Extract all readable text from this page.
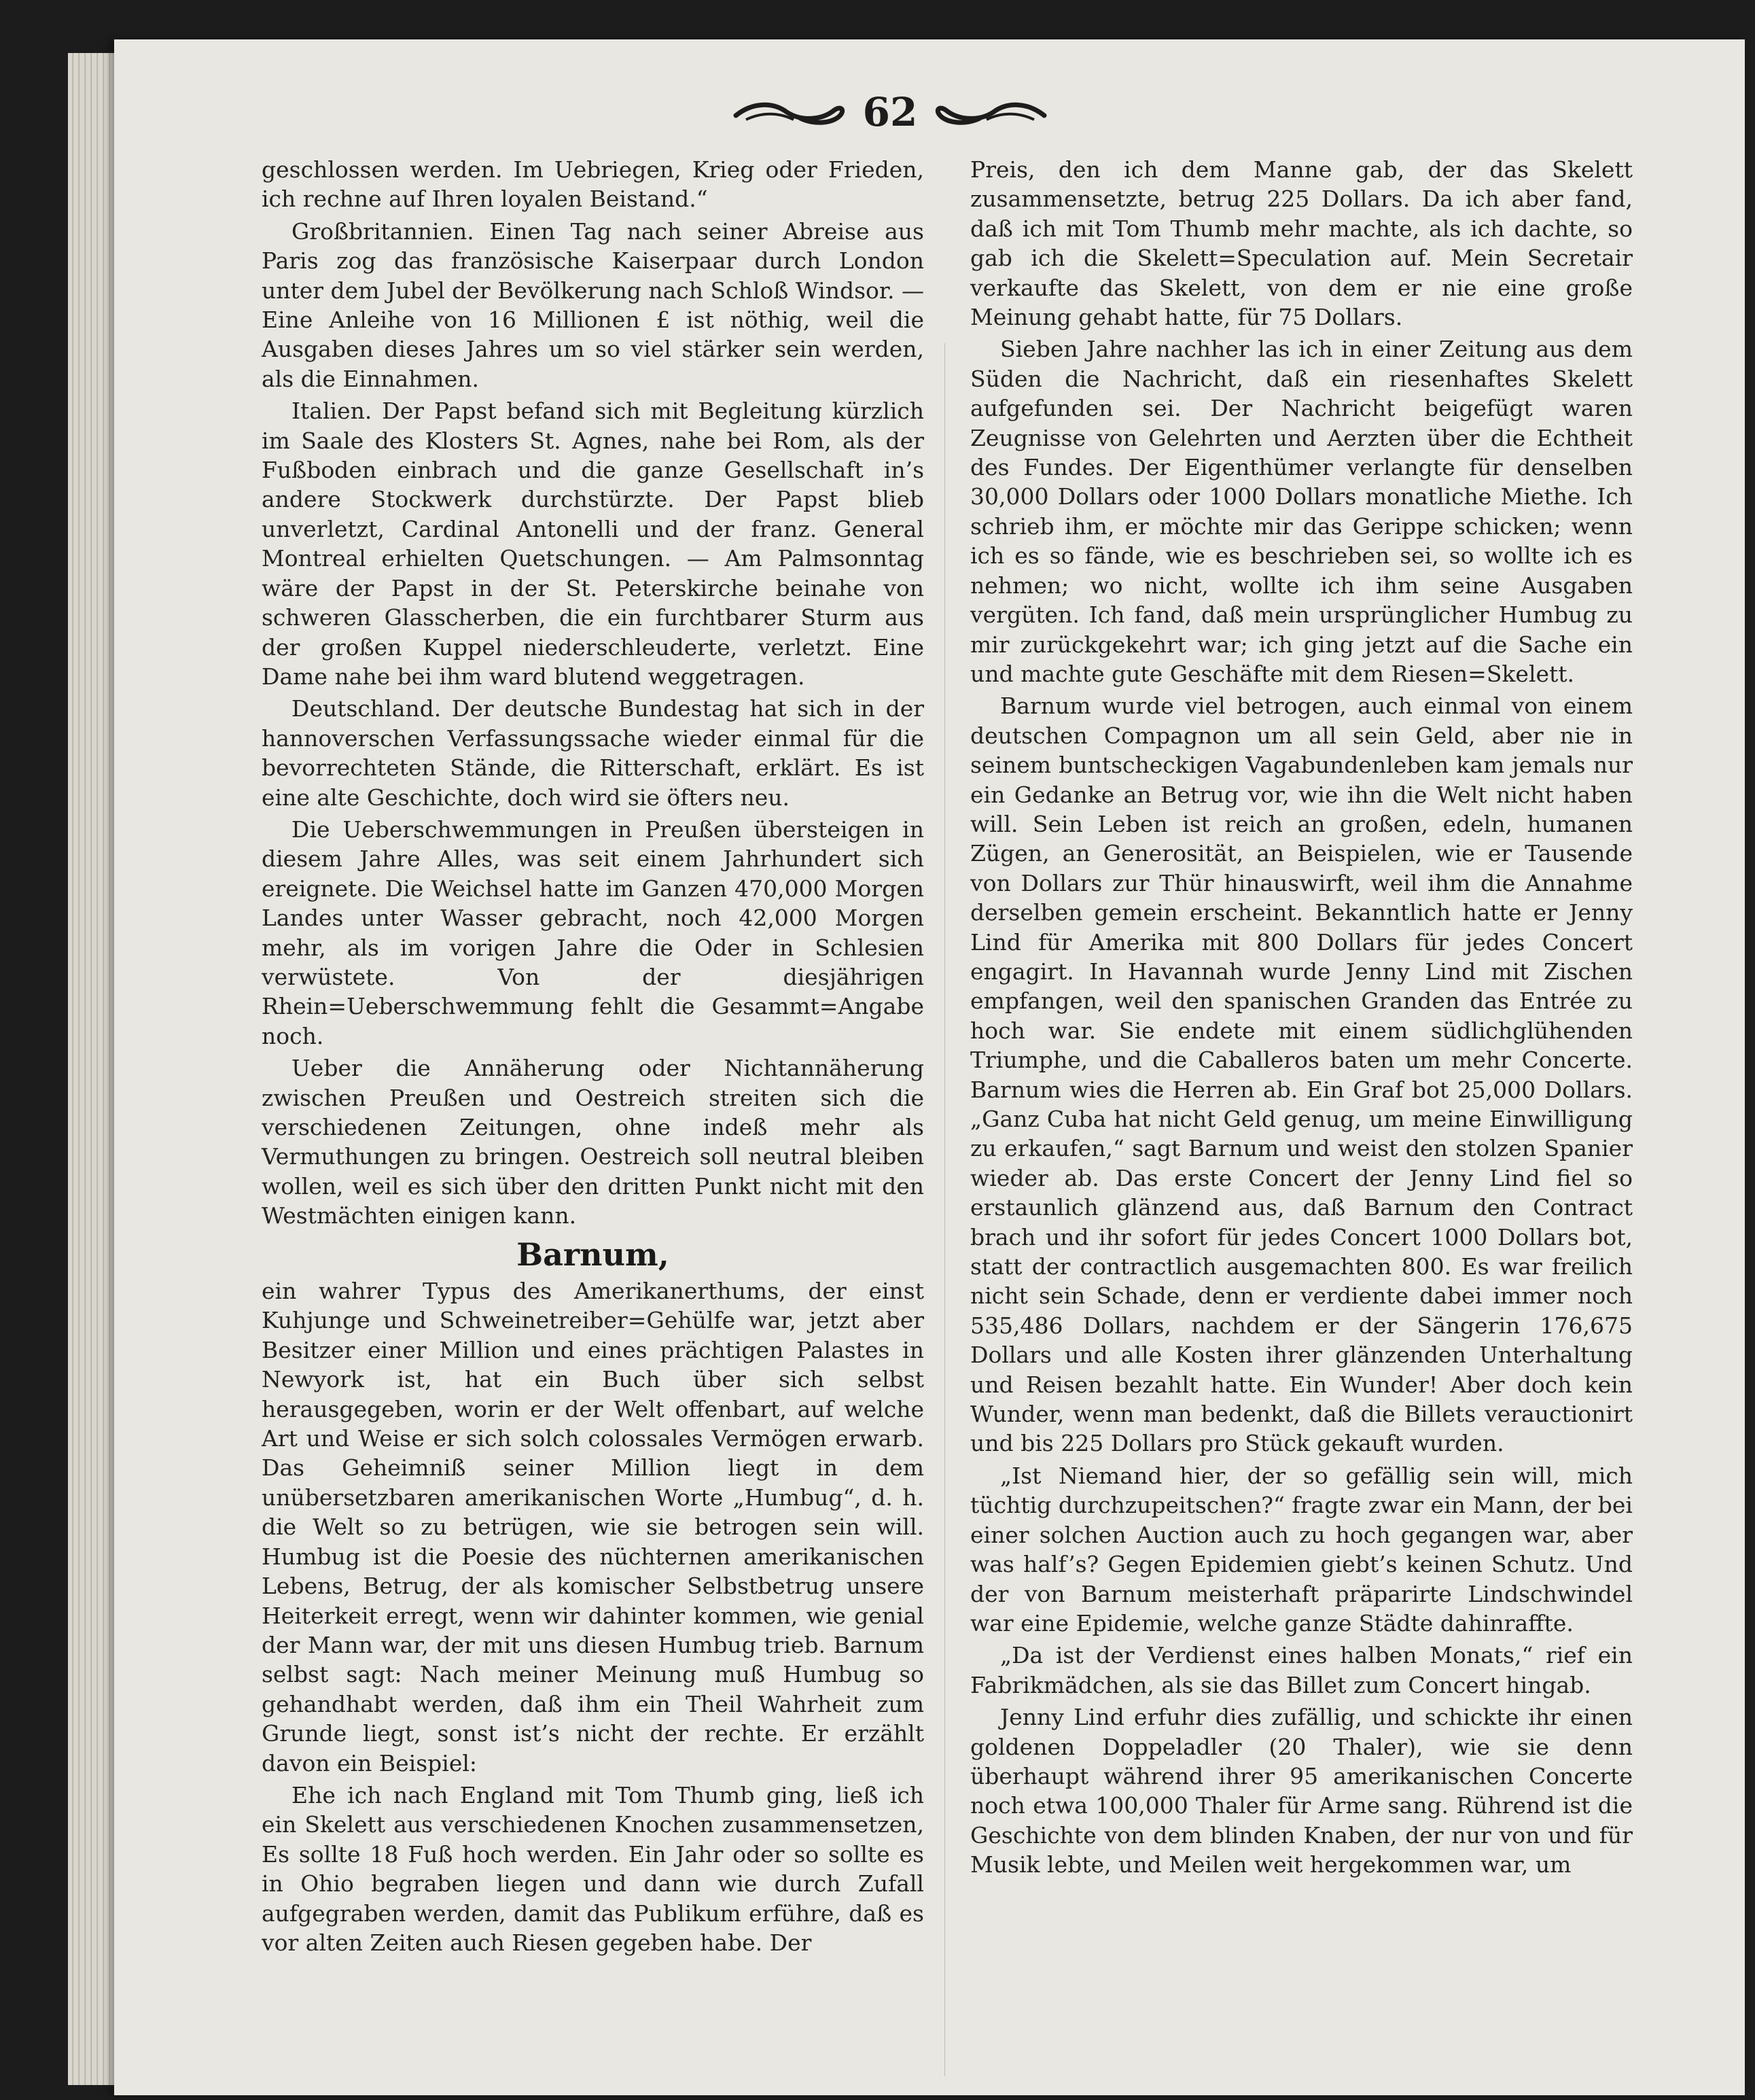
62

geschlossen werden. Im Uebriegen, Krieg oder Frieden, ich rechne auf Ihren loyalen Beistand.“

Großbritannien. Einen Tag nach seiner Abreise aus Paris zog das französische Kaiserpaar durch London unter dem Jubel der Bevölkerung nach Schloß Windsor. — Eine Anleihe von 16 Millionen £ ist nöthig, weil die Ausgaben dieses Jahres um so viel stärker sein werden, als die Einnahmen.

Italien. Der Papst befand sich mit Begleitung kürzlich im Saale des Klosters St. Agnes, nahe bei Rom, als der Fußboden einbrach und die ganze Gesellschaft in’s andere Stockwerk durchstürzte. Der Papst blieb unverletzt, Cardinal Antonelli und der franz. General Montreal erhielten Quetschungen. — Am Palmsonntag wäre der Papst in der St. Peterskirche beinahe von schweren Glasscherben, die ein furchtbarer Sturm aus der großen Kuppel niederschleuderte, verletzt. Eine Dame nahe bei ihm ward blutend weggetragen.

Deutschland. Der deutsche Bundestag hat sich in der hannoverschen Verfassungssache wieder einmal für die bevorrechteten Stände, die Ritterschaft, erklärt. Es ist eine alte Geschichte, doch wird sie öfters neu.

Die Ueberschwemmungen in Preußen übersteigen in diesem Jahre Alles, was seit einem Jahrhundert sich ereignete. Die Weichsel hatte im Ganzen 470,000 Morgen Landes unter Wasser gebracht, noch 42,000 Morgen mehr, als im vorigen Jahre die Oder in Schlesien verwüstete. Von der diesjährigen Rhein=Ueberschwemmung fehlt die Gesammt=Angabe noch.

Ueber die Annäherung oder Nichtannäherung zwischen Preußen und Oestreich streiten sich die verschiedenen Zeitungen, ohne indeß mehr als Vermuthungen zu bringen. Oestreich soll neutral bleiben wollen, weil es sich über den dritten Punkt nicht mit den Westmächten einigen kann.

Barnum,

ein wahrer Typus des Amerikanerthums, der einst Kuhjunge und Schweinetreiber=Gehülfe war, jetzt aber Besitzer einer Million und eines prächtigen Palastes in Newyork ist, hat ein Buch über sich selbst herausgegeben, worin er der Welt offenbart, auf welche Art und Weise er sich solch colossales Vermögen erwarb. Das Geheimniß seiner Million liegt in dem unübersetzbaren amerikanischen Worte „Humbug“, d. h. die Welt so zu betrügen, wie sie betrogen sein will. Humbug ist die Poesie des nüchternen amerikanischen Lebens, Betrug, der als komischer Selbstbetrug unsere Heiterkeit erregt, wenn wir dahinter kommen, wie genial der Mann war, der mit uns diesen Humbug trieb. Barnum selbst sagt: Nach meiner Meinung muß Humbug so gehandhabt werden, daß ihm ein Theil Wahrheit zum Grunde liegt, sonst ist’s nicht der rechte. Er erzählt davon ein Beispiel:

Ehe ich nach England mit Tom Thumb ging, ließ ich ein Skelett aus verschiedenen Knochen zusammensetzen, Es sollte 18 Fuß hoch werden. Ein Jahr oder so sollte es in Ohio begraben liegen und dann wie durch Zufall aufgegraben werden, damit das Publikum erführe, daß es vor alten Zeiten auch Riesen gegeben habe. Der

Preis, den ich dem Manne gab, der das Skelett zusammensetzte, betrug 225 Dollars. Da ich aber fand, daß ich mit Tom Thumb mehr machte, als ich dachte, so gab ich die Skelett=Speculation auf. Mein Secretair verkaufte das Skelett, von dem er nie eine große Meinung gehabt hatte, für 75 Dollars.

Sieben Jahre nachher las ich in einer Zeitung aus dem Süden die Nachricht, daß ein riesenhaftes Skelett aufgefunden sei. Der Nachricht beigefügt waren Zeugnisse von Gelehrten und Aerzten über die Echtheit des Fundes. Der Eigenthümer verlangte für denselben 30,000 Dollars oder 1000 Dollars monatliche Miethe. Ich schrieb ihm, er möchte mir das Gerippe schicken; wenn ich es so fände, wie es beschrieben sei, so wollte ich es nehmen; wo nicht, wollte ich ihm seine Ausgaben vergüten. Ich fand, daß mein ursprünglicher Humbug zu mir zurückgekehrt war; ich ging jetzt auf die Sache ein und machte gute Geschäfte mit dem Riesen=Skelett.

Barnum wurde viel betrogen, auch einmal von einem deutschen Compagnon um all sein Geld, aber nie in seinem buntscheckigen Vagabundenleben kam jemals nur ein Gedanke an Betrug vor, wie ihn die Welt nicht haben will. Sein Leben ist reich an großen, edeln, humanen Zügen, an Generosität, an Beispielen, wie er Tausende von Dollars zur Thür hinauswirft, weil ihm die Annahme derselben gemein erscheint. Bekanntlich hatte er Jenny Lind für Amerika mit 800 Dollars für jedes Concert engagirt. In Havannah wurde Jenny Lind mit Zischen empfangen, weil den spanischen Granden das Entrée zu hoch war. Sie endete mit einem südlichglühenden Triumphe, und die Caballeros baten um mehr Concerte. Barnum wies die Herren ab. Ein Graf bot 25,000 Dollars. „Ganz Cuba hat nicht Geld genug, um meine Einwilligung zu erkaufen,“ sagt Barnum und weist den stolzen Spanier wieder ab. Das erste Concert der Jenny Lind fiel so erstaunlich glänzend aus, daß Barnum den Contract brach und ihr sofort für jedes Concert 1000 Dollars bot, statt der contractlich ausgemachten 800. Es war freilich nicht sein Schade, denn er verdiente dabei immer noch 535,486 Dollars, nachdem er der Sängerin 176,675 Dollars und alle Kosten ihrer glänzenden Unterhaltung und Reisen bezahlt hatte. Ein Wunder! Aber doch kein Wunder, wenn man bedenkt, daß die Billets verauctionirt und bis 225 Dollars pro Stück gekauft wurden.

„Ist Niemand hier, der so gefällig sein will, mich tüchtig durchzupeitschen?“ fragte zwar ein Mann, der bei einer solchen Auction auch zu hoch gegangen war, aber was half’s? Gegen Epidemien giebt’s keinen Schutz. Und der von Barnum meisterhaft präparirte Lindschwindel war eine Epidemie, welche ganze Städte dahinraffte.

„Da ist der Verdienst eines halben Monats,“ rief ein Fabrikmädchen, als sie das Billet zum Concert hingab.

Jenny Lind erfuhr dies zufällig, und schickte ihr einen goldenen Doppeladler (20 Thaler), wie sie denn überhaupt während ihrer 95 amerikanischen Concerte noch etwa 100,000 Thaler für Arme sang. Rührend ist die Geschichte von dem blinden Knaben, der nur von und für Musik lebte, und Meilen weit hergekommen war, um
